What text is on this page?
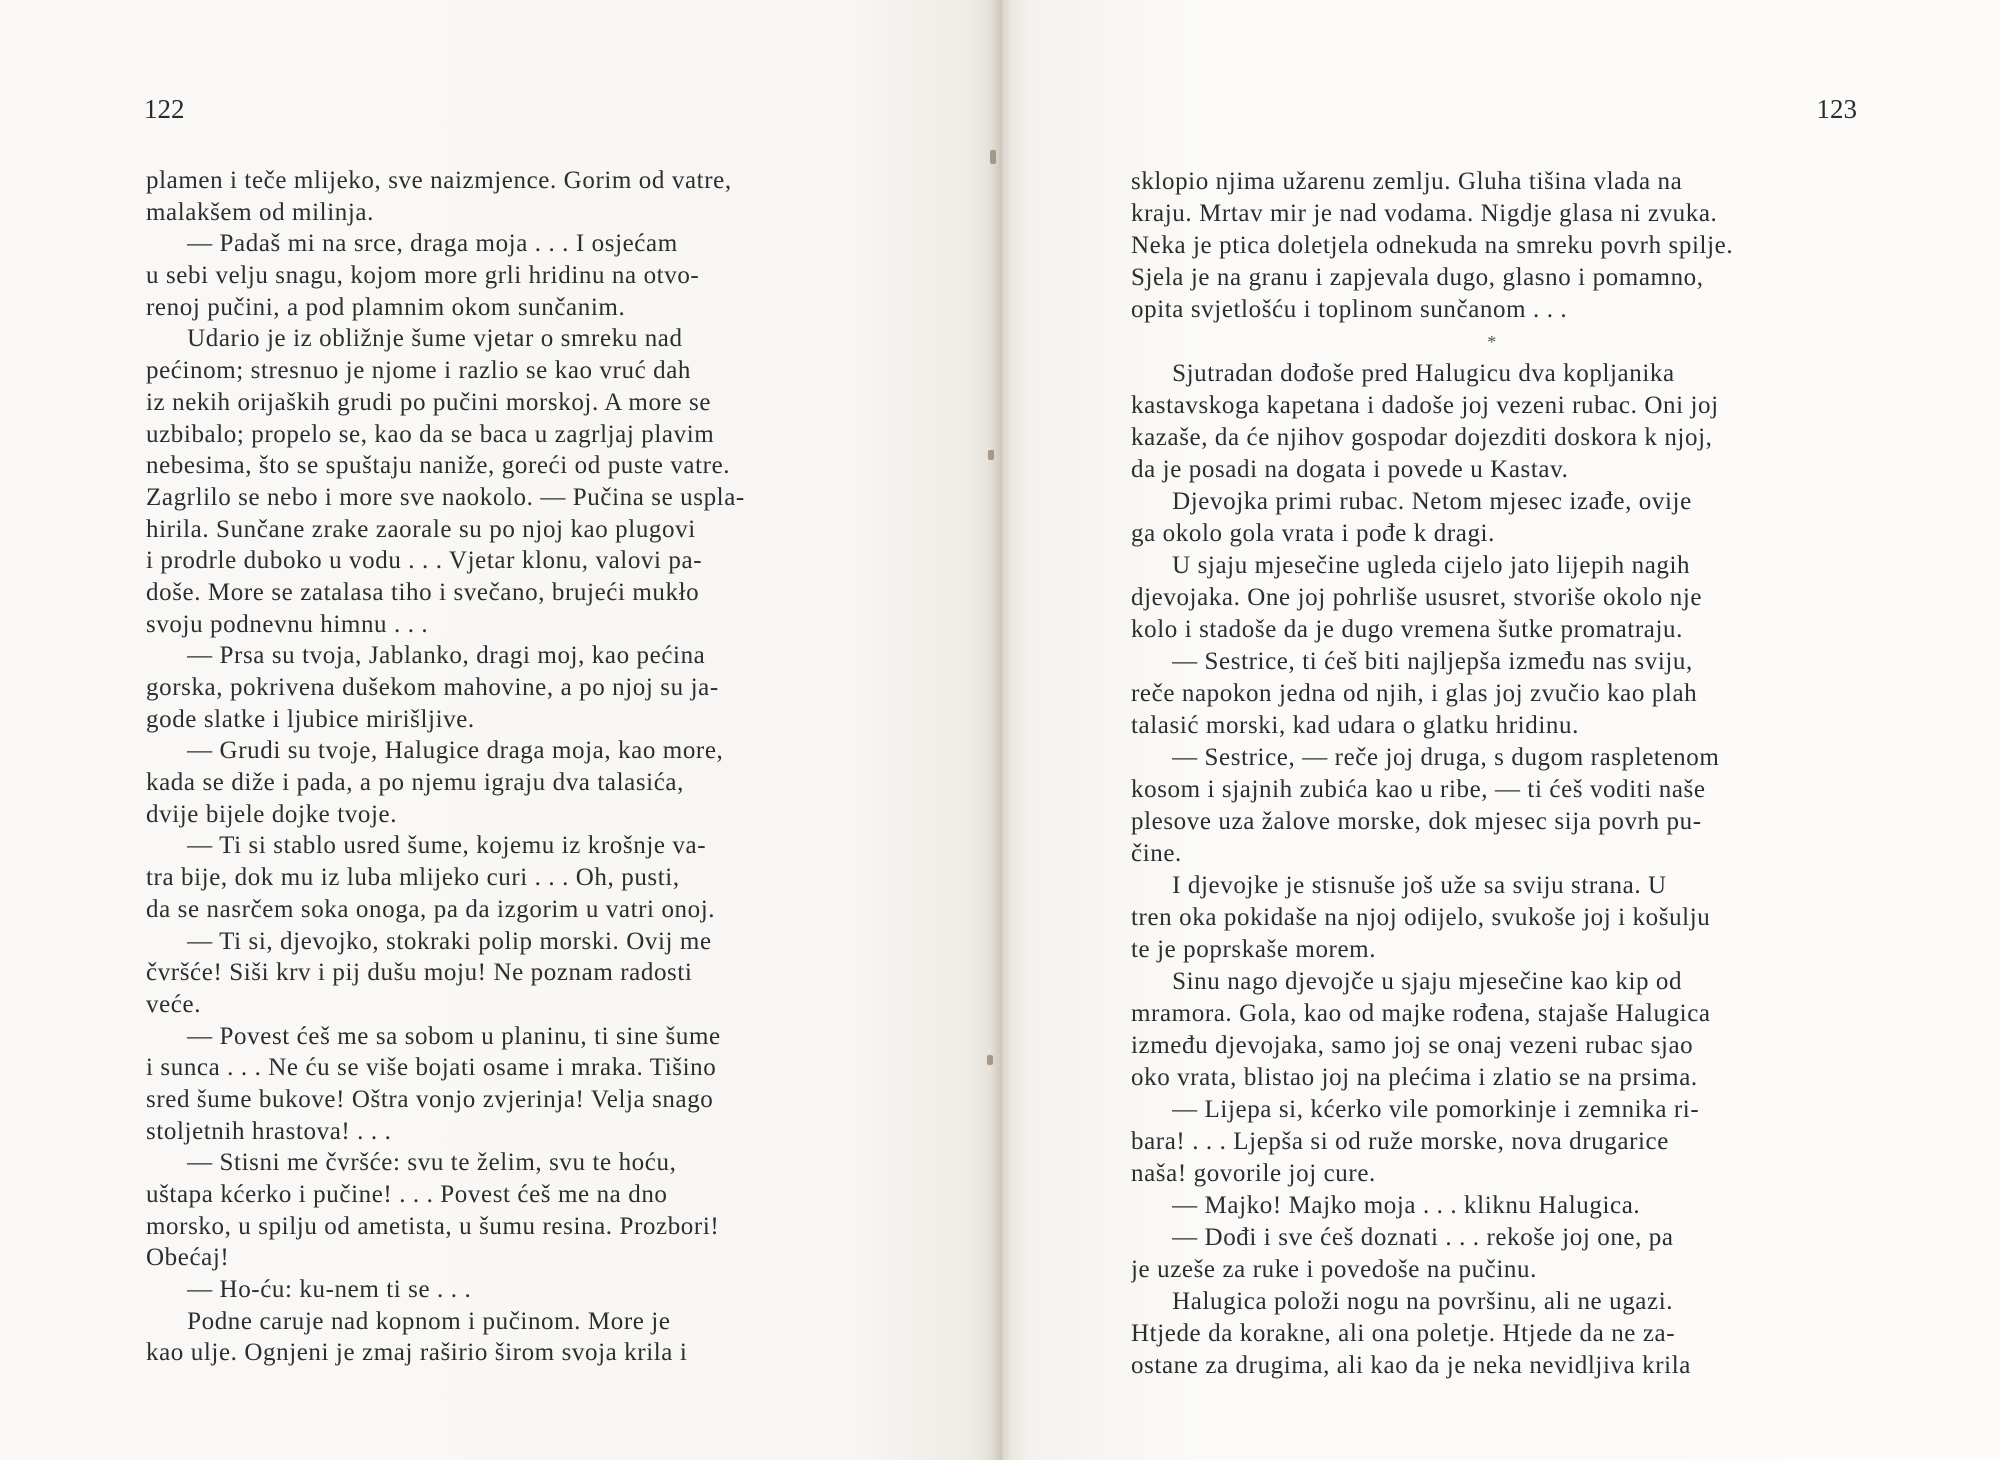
122
plamen i teče mlijeko, sve naizmjence. Gorim od vatre,
malakšem od milinja.
— Padaš mi na srce, draga moja . . . I osjećam
u sebi velju snagu, kojom more grli hridinu na otvo-
renoj pučini, a pod plamnim okom sunčanim.
Udario je iz obližnje šume vjetar o smreku nad
pećinom; stresnuo je njome i razlio se kao vruć dah
iz nekih orijaških grudi po pučini morskoj. A more se
uzbibalo; propelo se, kao da se baca u zagrljaj plavim
nebesima, što se spuštaju naniže, goreći od puste vatre.
Zagrlilo se nebo i more sve naokolo. — Pučina se uspla-
hirila. Sunčane zrake zaorale su po njoj kao plugovi
i prodrle duboko u vodu . . . Vjetar klonu, valovi pa-
doše. More se zatalasa tiho i svečano, brujeći mukło
svoju podnevnu himnu . . .
— Prsa su tvoja, Jablanko, dragi moj, kao pećina
gorska, pokrivena dušekom mahovine, a po njoj su ja-
gode slatke i ljubice mirišljive.
— Grudi su tvoje, Halugice draga moja, kao more,
kada se diže i pada, a po njemu igraju dva talasića,
dvije bijele dojke tvoje.
— Ti si stablo usred šume, kojemu iz krošnje va-
tra bije, dok mu iz luba mlijeko curi . . . Oh, pusti,
da se nasrčem soka onoga, pa da izgorim u vatri onoj.
— Ti si, djevojko, stokraki polip morski. Ovij me
čvršće! Siši krv i pij dušu moju! Ne poznam radosti
veće.
— Povest ćeš me sa sobom u planinu, ti sine šume
i sunca . . . Ne ću se više bojati osame i mraka. Tišino
sred šume bukove! Oštra vonjo zvjerinja! Velja snago
stoljetnih hrastova! . . .
— Stisni me čvršće: svu te želim, svu te hoću,
uštapa kćerko i pučine! . . . Povest ćeš me na dno
morsko, u spilju od ametista, u šumu resina. Prozbori!
Obećaj!
— Ho-ću: ku-nem ti se . . .
Podne caruje nad kopnom i pučinom. More je
kao ulje. Ognjeni je zmaj raširio širom svoja krila i
123
sklopio njima užarenu zemlju. Gluha tišina vlada na
kraju. Mrtav mir je nad vodama. Nigdje glasa ni zvuka.
Neka je ptica doletjela odnekuda na smreku povrh spilje.
Sjela je na granu i zapjevala dugo, glasno i pomamno,
opita svjetlošću i toplinom sunčanom . . .
*
Sjutradan dođoše pred Halugicu dva kopljanika
kastavskoga kapetana i dadoše joj vezeni rubac. Oni joj
kazaše, da će njihov gospodar dojezditi doskora k njoj,
da je posadi na dogata i povede u Kastav.
Djevojka primi rubac. Netom mjesec izađe, ovije
ga okolo gola vrata i pođe k dragi.
U sjaju mjesečine ugleda cijelo jato lijepih nagih
djevojaka. One joj pohrliše ususret, stvoriše okolo nje
kolo i stadoše da je dugo vremena šutke promatraju.
— Sestrice, ti ćeš biti najljepša između nas sviju,
reče napokon jedna od njih, i glas joj zvučio kao plah
talasić morski, kad udara o glatku hridinu.
— Sestrice, — reče joj druga, s dugom raspletenom
kosom i sjajnih zubića kao u ribe, — ti ćeš voditi naše
plesove uza žalove morske, dok mjesec sija povrh pu-
čine.
I djevojke je stisnuše još uže sa sviju strana. U
tren oka pokidaše na njoj odijelo, svukoše joj i košulju
te je poprskaše morem.
Sinu nago djevojče u sjaju mjesečine kao kip od
mramora. Gola, kao od majke rođena, stajaše Halugica
između djevojaka, samo joj se onaj vezeni rubac sjao
oko vrata, blistao joj na plećima i zlatio se na prsima.
— Lijepa si, kćerko vile pomorkinje i zemnika ri-
bara! . . . Ljepša si od ruže morske, nova drugarice
naša! govorile joj cure.
— Majko! Majko moja . . . kliknu Halugica.
— Dođi i sve ćeš doznati . . . rekoše joj one, pa
je uzeše za ruke i povedoše na pučinu.
Halugica položi nogu na površinu, ali ne ugazi.
Htjede da koraknе, ali ona poletje. Htjede da ne za-
ostane za drugima, ali kao da je neka nevidljiva krila
